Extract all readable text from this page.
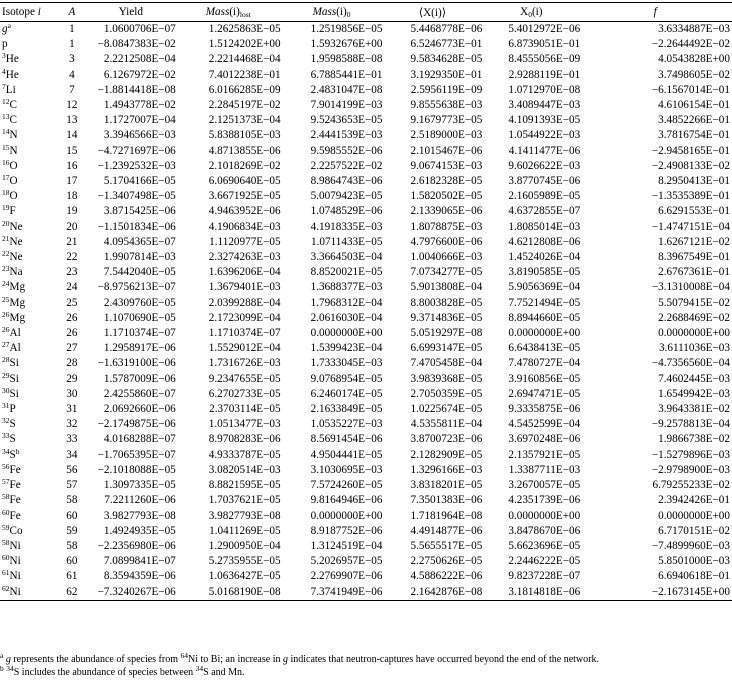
Isotope i	A	Yield	$Mass(i)_{lost}$	$Mass(i)_0$	⟨X(i)⟩	$X_0(i)$	f
$g^a$	1	1.0600706E−07	1.2625863E−05	1.2519856E−05	5.4468778E−06	5.4012972E−06	3.6334887E−03
p	1	−8.0847383E−02	1.5124202E+00	1.5932676E+00	6.5246773E−01	6.8739051E−01	−2.2644492E−02
$^3$He	3	2.2212508E−04	2.2214468E−04	1.9598588E−08	9.5834628E−05	8.4555056E−09	4.0543828E+00
$^4$He	4	6.1267972E−02	7.4012238E−01	6.7885441E−01	3.1929350E−01	2.9288119E−01	3.7498605E−02
$^7$Li	7	−1.8814418E−08	6.0166285E−09	2.4831047E−08	2.5956119E−09	1.0712970E−08	−6.1567014E−01
$^{12}$C	12	1.4943778E−02	2.2845197E−02	7.9014199E−03	9.8555638E−03	3.4089447E−03	4.6106154E−01
$^{13}$C	13	1.1727007E−04	2.1251373E−04	9.5243653E−05	9.1679773E−05	4.1091393E−05	3.4852266E−01
$^{14}$N	14	3.3946566E−03	5.8388105E−03	2.4441539E−03	2.5189000E−03	1.0544922E−03	3.7816754E−01
$^{15}$N	15	−4.7271697E−06	4.8713855E−06	9.5985552E−06	2.1015467E−06	4.1411477E−06	−2.9458165E−01
$^{16}$O	16	−1.2392532E−03	2.1018269E−02	2.2257522E−02	9.0674153E−03	9.6026622E−03	−2.4908133E−02
$^{17}$O	17	5.1704166E−05	6.0690640E−05	8.9864743E−06	2.6182328E−05	3.8770745E−06	8.2950413E−01
$^{18}$O	18	−1.3407498E−05	3.6671925E−05	5.0079423E−05	1.5820502E−05	2.1605989E−05	−1.3535389E−01
$^{19}$F	19	3.8715425E−06	4.9463952E−06	1.0748529E−06	2.1339065E−06	4.6372855E−07	6.6291553E−01
$^{20}$Ne	20	−1.1501834E−06	4.1906834E−03	4.1918335E−03	1.8078875E−03	1.8085014E−03	−1.4747151E−04
$^{21}$Ne	21	4.0954365E−07	1.1120977E−05	1.0711433E−05	4.7976600E−06	4.6212808E−06	1.6267121E−02
$^{22}$Ne	22	1.9907814E−03	2.3274263E−03	3.3664503E−04	1.0040666E−03	1.4524026E−04	8.3967549E−01
$^{23}$Na	23	7.5442040E−05	1.6396206E−04	8.8520021E−05	7.0734277E−05	3.8190585E−05	2.6767361E−01
$^{24}$Mg	24	−8.9756213E−07	1.3679401E−03	1.3688377E−03	5.9013808E−04	5.9056369E−04	−3.1310008E−04
$^{25}$Mg	25	2.4309760E−05	2.0399288E−04	1.7968312E−04	8.8003828E−05	7.7521494E−05	5.5079415E−02
$^{26}$Mg	26	1.1070690E−05	2.1723099E−04	2.0616030E−04	9.3714836E−05	8.8944660E−05	2.2688469E−02
$^{26}$Al	26	1.1710374E−07	1.1710374E−07	0.0000000E+00	5.0519297E−08	0.0000000E+00	0.0000000E+00
$^{27}$Al	27	1.2958917E−06	1.5529012E−04	1.5399423E−04	6.6993147E−05	6.6438413E−05	3.6111036E−03
$^{28}$Si	28	−1.6319100E−06	1.7316726E−03	1.7333045E−03	7.4705458E−04	7.4780727E−04	−4.7356560E−04
$^{29}$Si	29	1.5787009E−06	9.2347655E−05	9.0768954E−05	3.9839368E−05	3.9160856E−05	7.4602445E−03
$^{30}$Si	30	2.4255860E−07	6.2702733E−05	6.2460174E−05	2.7050359E−05	2.6947471E−05	1.6549942E−03
$^{31}$P	31	2.0692660E−06	2.3703114E−05	2.1633849E−05	1.0225674E−05	9.3335875E−06	3.9643381E−02
$^{32}$S	32	−2.1749875E−06	1.0513477E−03	1.0535227E−03	4.5355811E−04	4.5452599E−04	−9.2578813E−04
$^{33}$S	33	4.0168288E−07	8.9708283E−06	8.5691454E−06	3.8700723E−06	3.6970248E−06	1.9866738E−02
$^{34}S^b$	34	−1.7065395E−07	4.9333787E−05	4.9504441E−05	2.1282909E−05	2.1357921E−05	−1.5279896E−03
$^{56}$Fe	56	−2.1018088E−05	3.0820514E−03	3.1030695E−03	1.3296166E−03	1.3387711E−03	−2.9798900E−03
$^{57}$Fe	57	1.3097335E−05	8.8821595E−05	7.5724260E−05	3.8318201E−05	3.2670057E−05	6.79255233E−02
$^{58}$Fe	58	7.2211260E−06	1.7037621E−05	9.8164946E−06	7.3501383E−06	4.2351739E−06	2.3942426E−01
$^{60}$Fe	60	3.9827793E−08	3.9827793E−08	0.0000000E+00	1.7181964E−08	0.0000000E+00	0.0000000E+00
$^{59}$Co	59	1.4924935E−05	1.0411269E−05	8.9187752E−06	4.4914877E−06	3.8478670E−06	6.7170151E−02
$^{58}$Ni	58	−2.2356980E−06	1.2900950E−04	1.3124519E−04	5.5655517E−05	5.6623696E−05	−7.4899960E−03
$^{60}$Ni	60	7.0899841E−07	5.2735955E−05	5.2026957E−05	2.2750626E−05	2.2446222E−05	5.8501000E−03
$^{61}$Ni	61	8.3594359E−06	1.0636427E−05	2.2769907E−06	4.5886222E−06	9.8237228E−07	6.6940618E−01
$^{62}$Ni	62	−7.3240267E−06	5.0168190E−08	7.3741949E−06	2.1642876E−08	3.1814818E−06	−2.1673145E+00
$^a$ g represents the abundance of species from $^{64}$Ni to Bi; an increase in g indicates that neutron-captures have occurred beyond the end of the network.
$^b$ $^{34}$S includes the abundance of species between $^{34}$S and Mn.
